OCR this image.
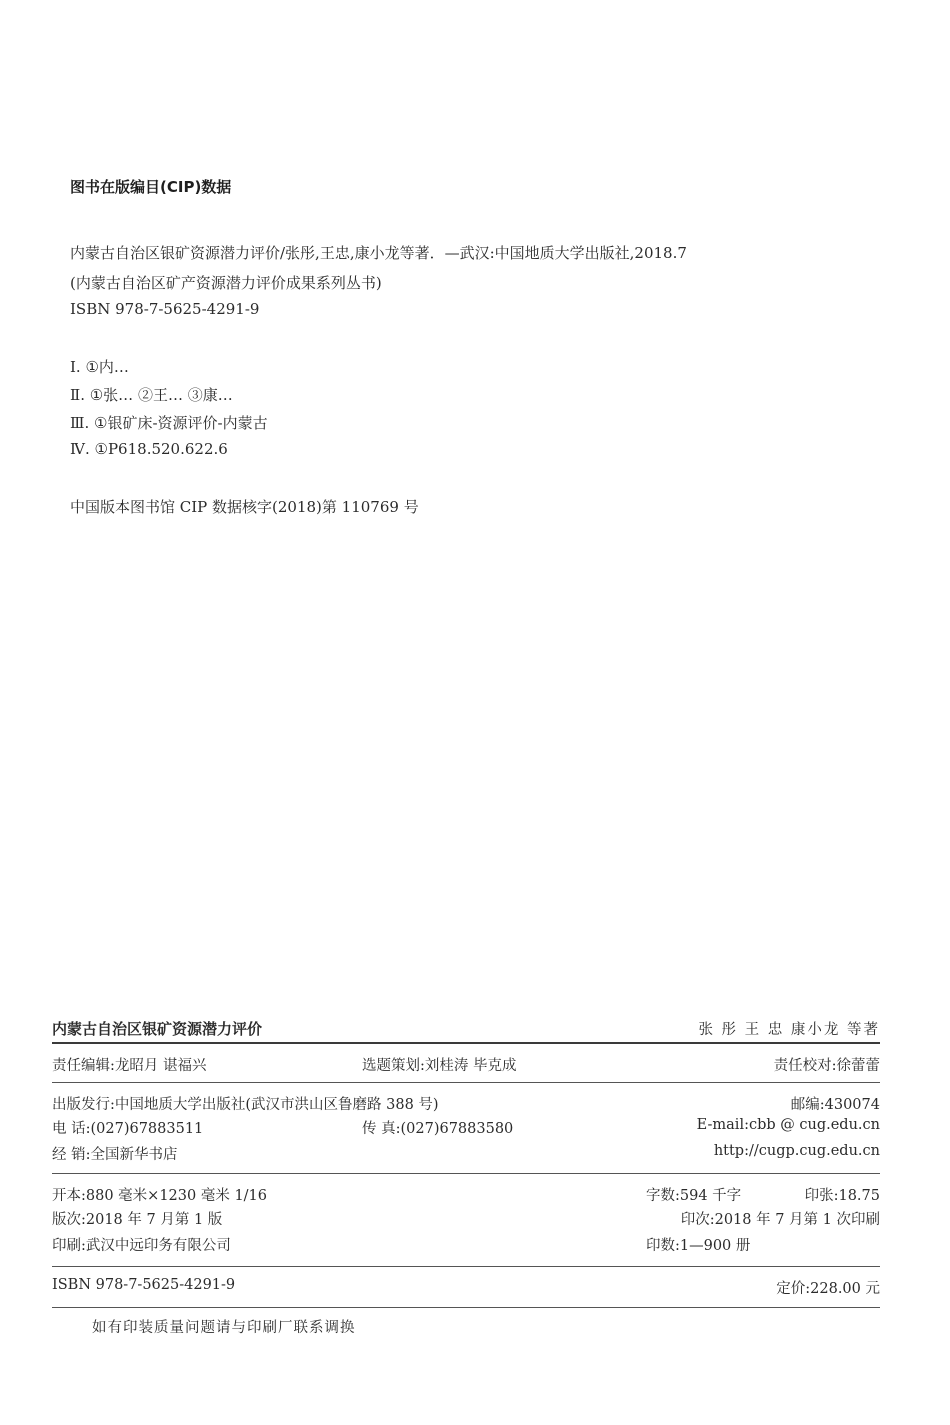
图书在版编目(CIP)数据
内蒙古自治区银矿资源潜力评价/张彤,王忠,康小龙等著．—武汉:中国地质大学出版社,2018.7
(内蒙古自治区矿产资源潜力评价成果系列丛书)
ISBN 978-7-5625-4291-9
Ⅰ. ①内…
Ⅱ. ①张… ②王… ③康…
Ⅲ. ①银矿床-资源评价-内蒙古
Ⅳ. ①P618.520.622.6
中国版本图书馆 CIP 数据核字(2018)第 110769 号
内蒙古自治区银矿资源潜力评价	张 彤 王 忠 康小龙 等著
责任编辑:龙昭月 谌福兴	选题策划:刘桂涛 毕克成	责任校对:徐蕾蕾
出版发行:中国地质大学出版社(武汉市洪山区鲁磨路 388 号)	邮编:430074
电 话:(027)67883511	传 真:(027)67883580	E-mail:cbb @ cug.edu.cn
经 销:全国新华书店	http://cugp.cug.edu.cn
开本:880 毫米×1230 毫米 1/16	字数:594 千字	印张:18.75
版次:2018 年 7 月第 1 版	印次:2018 年 7 月第 1 次印刷
印刷:武汉中远印务有限公司	印数:1—900 册
ISBN 978-7-5625-4291-9	定价:228.00 元
如有印装质量问题请与印刷厂联系调换
